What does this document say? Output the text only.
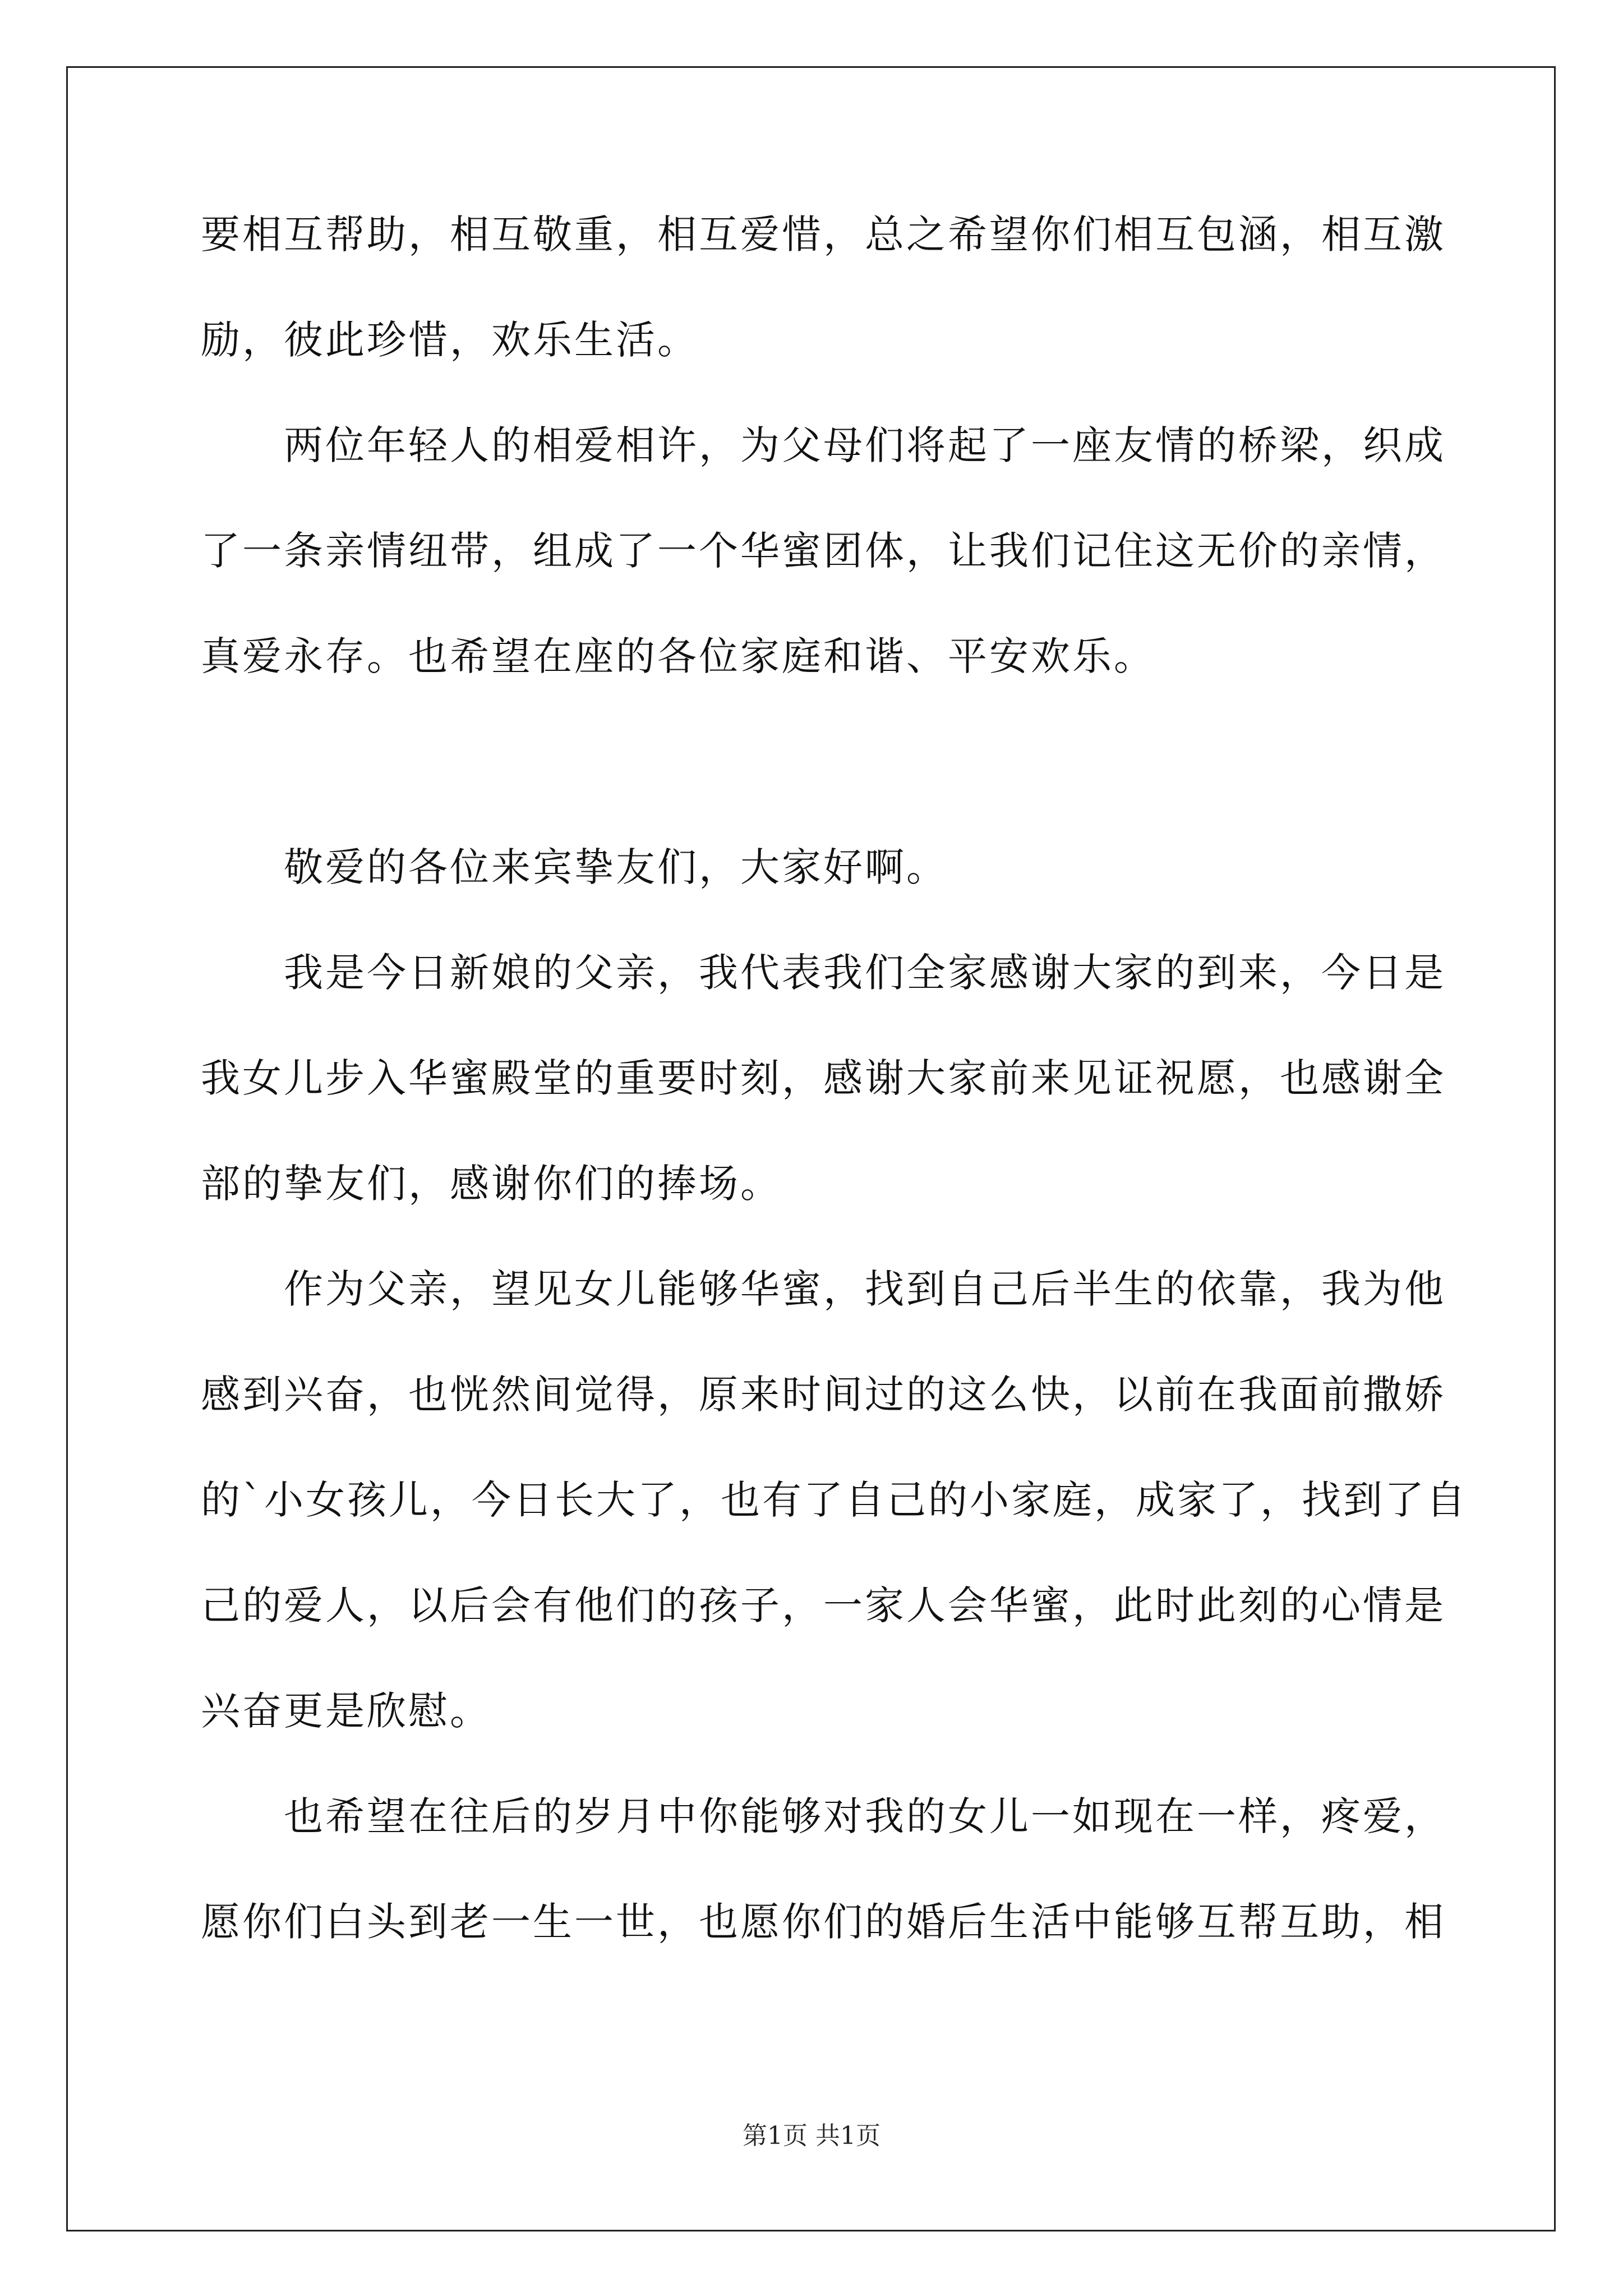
要相互帮助，相互敬重，相互爱惜，总之希望你们相互包涵，相互激
励，彼此珍惜，欢乐生活。
两位年轻人的相爱相许，为父母们将起了一座友情的桥梁，织成
了一条亲情纽带，组成了一个华蜜团体，让我们记住这无价的亲情，
真爱永存。也希望在座的各位家庭和谐、平安欢乐。
敬爱的各位来宾挚友们，大家好啊。
我是今日新娘的父亲，我代表我们全家感谢大家的到来，今日是
我女儿步入华蜜殿堂的重要时刻，感谢大家前来见证祝愿，也感谢全
部的挚友们，感谢你们的捧场。
作为父亲，望见女儿能够华蜜，找到自己后半生的依靠，我为他
感到兴奋，也恍然间觉得，原来时间过的这么快，以前在我面前撒娇
的`小女孩儿，今日长大了，也有了自己的小家庭，成家了，找到了自
己的爱人，以后会有他们的孩子，一家人会华蜜，此时此刻的心情是
兴奋更是欣慰。
也希望在往后的岁月中你能够对我的女儿一如现在一样，疼爱，
愿你们白头到老一生一世，也愿你们的婚后生活中能够互帮互助，相
第1页 共1页
